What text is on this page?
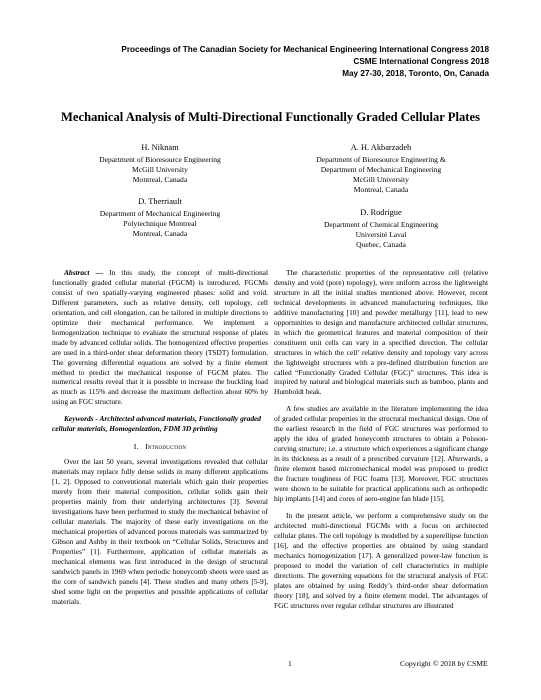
Proceedings of The Canadian Society for Mechanical Engineering International Congress 2018
CSME International Congress 2018
May 27-30, 2018, Toronto, On, Canada
Mechanical Analysis of Multi-Directional Functionally Graded Cellular Plates
H. Niknam
Department of Bioresource Engineering
McGill University
Montreal, Canada
A. H. Akbarzadeh
Department of Bioresource Engineering &
Department of Mechanical Engineering
McGill University
Montreal, Canada
D. Therriault
Department of Mechanical Engineering
Polytechnique Montreal
Montreal, Canada
D. Rodrigue
Department of Chemical Engineering
Université Laval
Quebec, Canada

Abstract — In this study, the concept of multi-directional functionally graded cellular material (FGCM) is introduced. FGCMs consist of two spatially-varying engineered phases: solid and void. Different parameters, such as relative density, cell topology, cell orientation, and cell elongation, can be tailored in multiple directions to optimize their mechanical performance. We implement a homogenization technique to evaluate the structural response of plates made by advanced cellular solids. The homogenized effective properties are used in a third-order shear deformation theory (TSDT) formulation. The governing differential equations are solved by a finite element method to predict the mechanical response of FGCM plates. The numerical results reveal that it is possible to increase the buckling load as much as 115% and decrease the maximum deflection about 60% by using an FGC structure.

Keywords - Architected advanced materials, Functionally graded cellular materials, Homogenization, FDM 3D printing

I. Introduction

Over the last 50 years, several investigations revealed that cellular materials may replace fully dense solids in many different applications [1, 2]. Opposed to conventional materials which gain their properties merely from their material composition, cellular solids gain their properties mainly from their underlying architectures [3]. Several investigations have been performed to study the mechanical behavior of cellular materials. The majority of these early investigations on the mechanical properties of advanced porous materials was summarized by Gibson and Ashby in their textbook on “Cellular Solids, Structures and Properties” [1]. Furthermore, application of cellular materials as mechanical elements was first introduced in the design of structural sandwich panels in 1969 when periodic honeycomb sheets were used as the core of sandwich panels [4]. These studies and many others [5-9], shed some light on the properties and possible applications of cellular materials.

The characteristic properties of the representative cell (relative density and void (pore) topology), were uniform across the lightweight structure in all the initial studies mentioned above. However, recent technical developments in advanced manufacturing techniques, like additive manufacturing [10] and powder metallurgy [11], lead to new opportunities to design and manufacture architected cellular structures, in which the geometrical features and material composition of their constituent unit cells can vary in a specified direction. The cellular structures in which the cell’ relative density and topology vary across the lightweight structures with a pre-defined distribution function are called “Functionally Graded Cellular (FGC)” structures. This idea is inspired by natural and biological materials such as bamboo, plants and Humboldt beak.

A few studies are available in the literature implementing the idea of graded cellular properties in the structural mechanical design. One of the earliest research in the field of FGC structures was performed to apply the idea of graded honeycomb structures to obtain a Poisson-curving structure; i.e. a structure which experiences a significant change in its thickness as a result of a prescribed curvature [12]. Afterwards, a finite element based micromechanical model was proposed to predict the fracture toughness of FGC foams [13]. Moreover, FGC structures were shown to be suitable for practical applications such as orthopedic hip implants [14] and cores of aero-engine fan blade [15].

In the present article, we perform a comprehensive study on the architected multi-directional FGCMs with a focus on architected cellular plates. The cell topology is modelled by a superellipse function [16], and the effective properties are obtained by using standard mechanics homogenization [17]. A generalized power-law function is proposed to model the variation of cell characteristics in multiple directions. The governing equations for the structural analysis of FGC plates are obtained by using Reddy’s third-order shear deformation theory [18], and solved by a finite element model. The advantages of FGC structures over regular cellular structures are illustrated

1	Copyright © 2018 by CSME
